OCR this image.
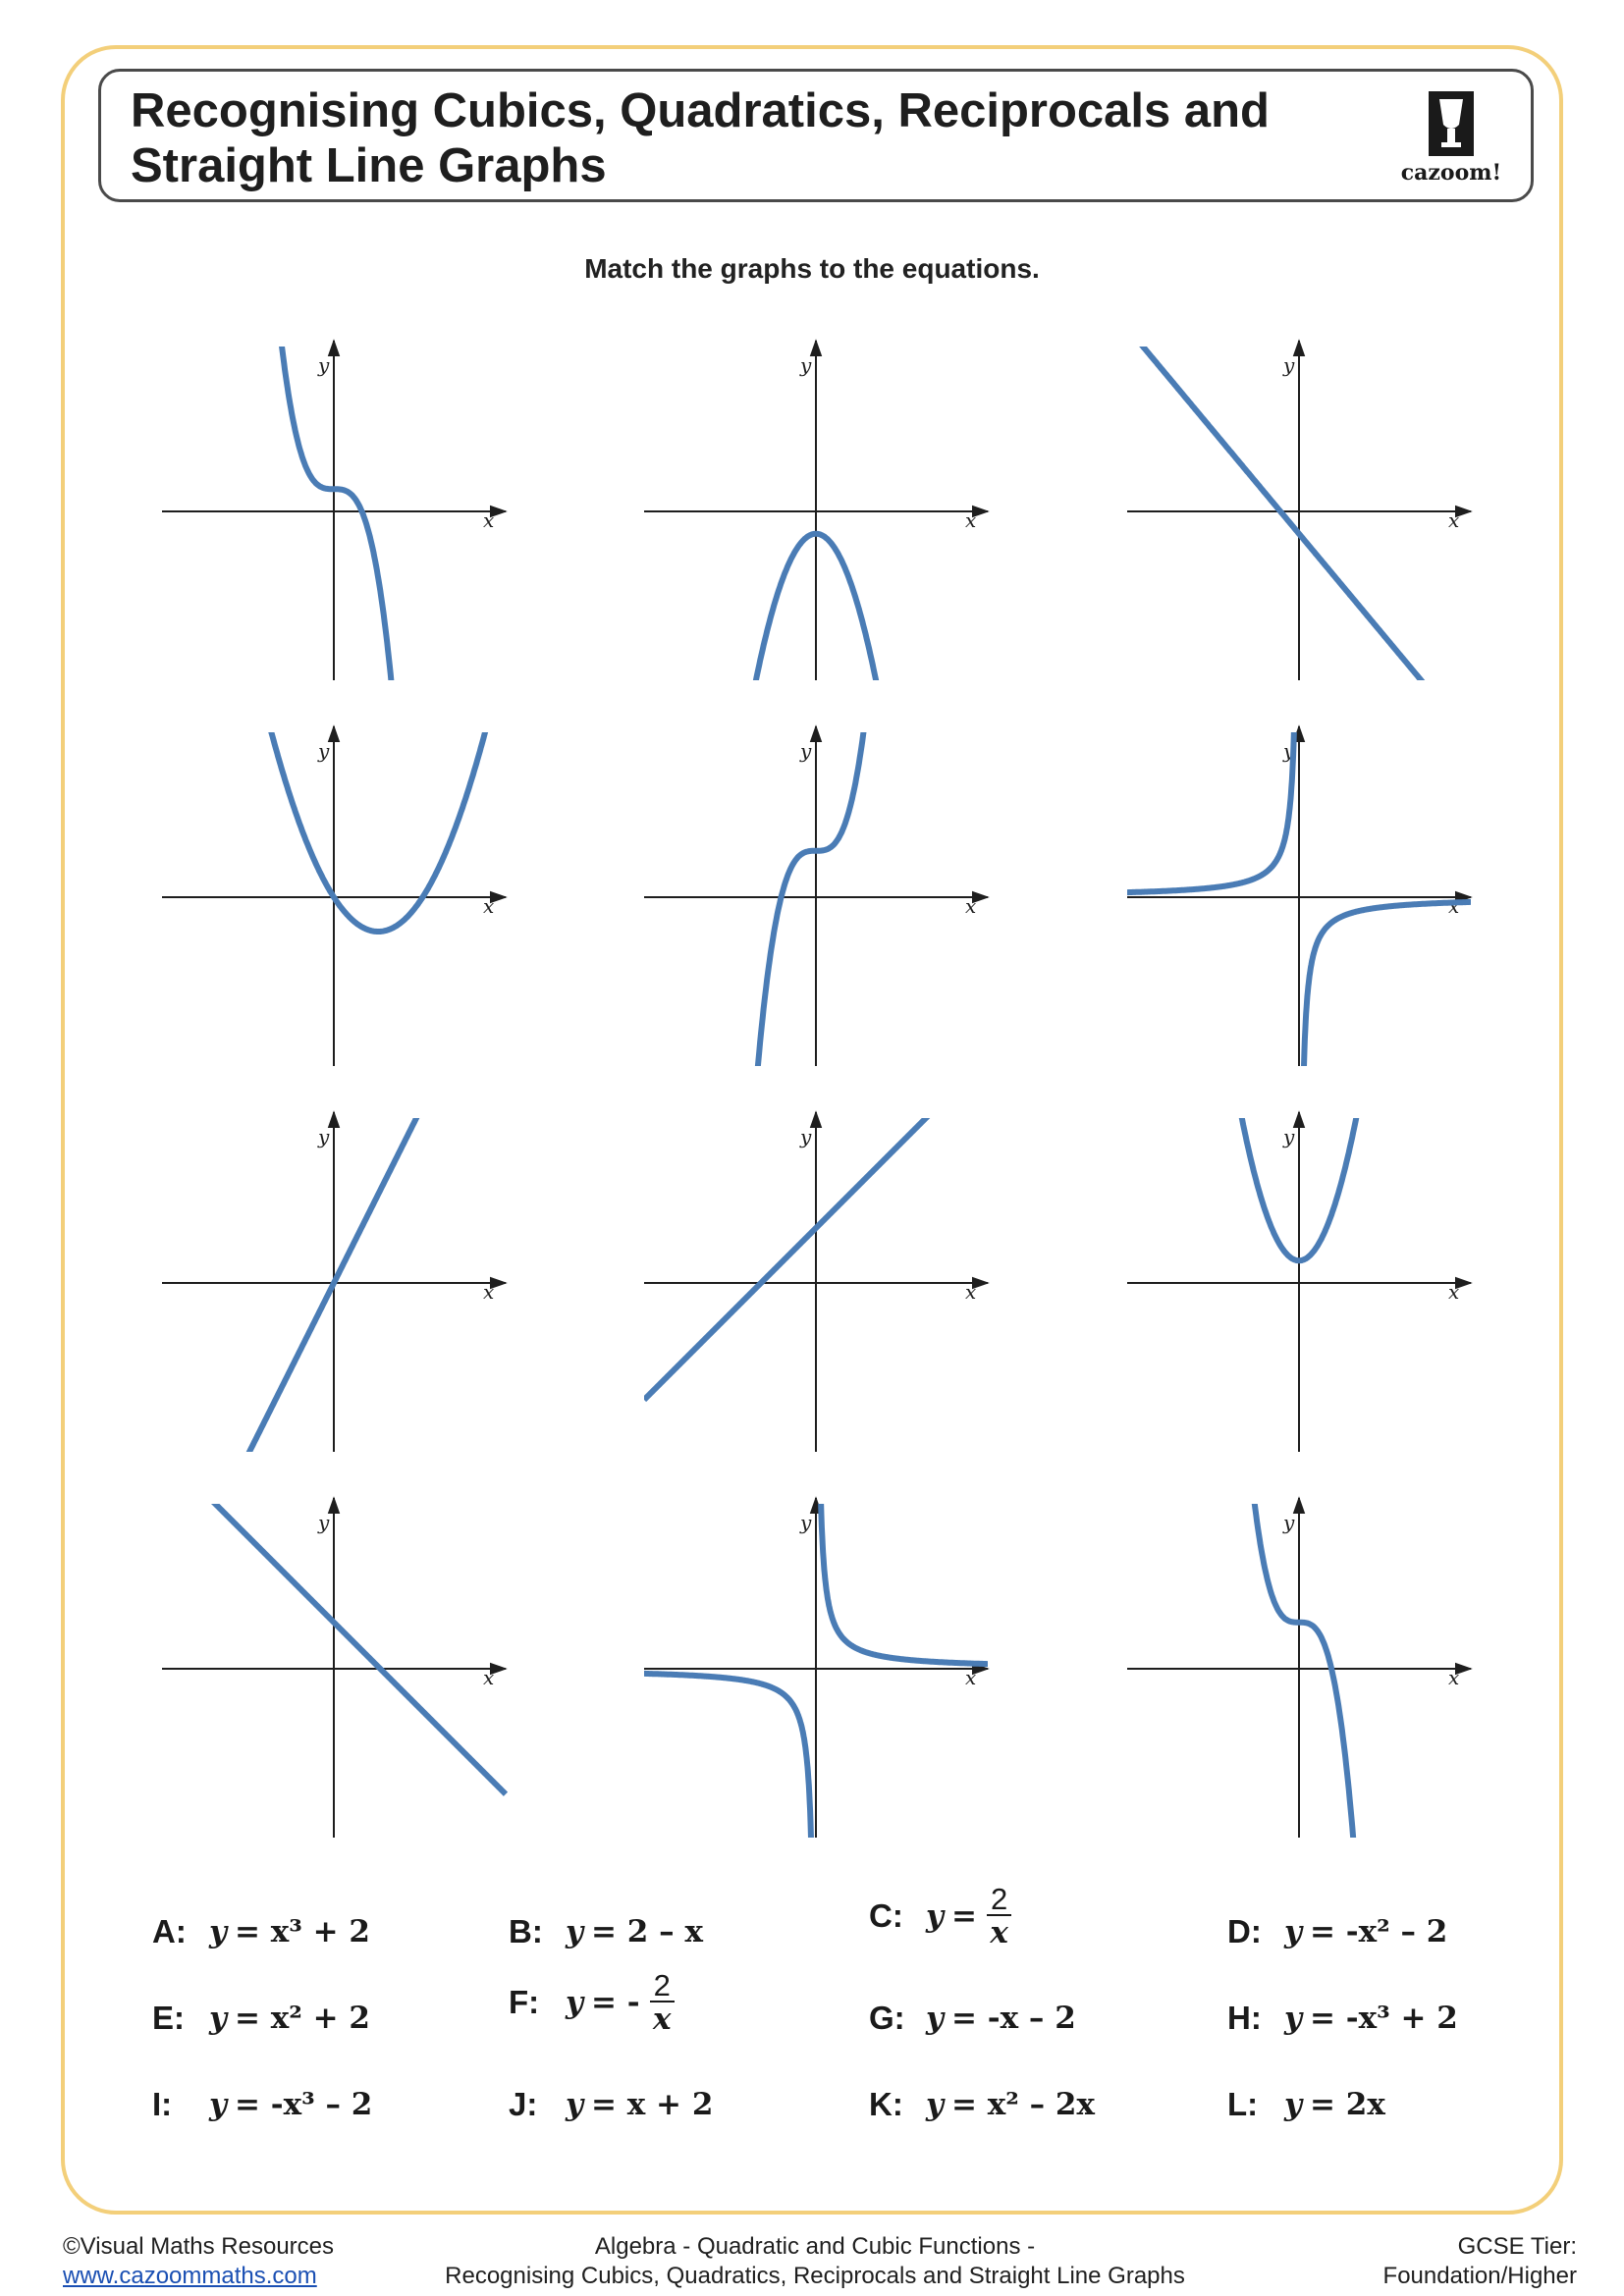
Recognising Cubics, Quadratics, Reciprocals and
Straight Line Graphs	cazoom!
Match the graphs to the equations.
x
y
x
y
x
y
x
y
x
y
x
y
x
y
x
y
x
y
x
y
x
y
x
y
A: y = x³ + 2	B: y = 2 – x	C: $y = \frac{2}{x}$	D: y = -x² – 2
E: y = x² + 2	F: y = - $\frac{2}{x}$	G: y = -x – 2	H: y = -x³ + 2
I:	y = -x³ – 2	J: y = x + 2	K: y = x² – 2x	L: y = 2x
©Visual Maths Resources
www.cazoommaths.com
Algebra - Quadratic and Cubic Functions -
Recognising Cubics, Quadratics, Reciprocals and Straight Line Graphs
GCSE Tier:
Foundation/Higher
